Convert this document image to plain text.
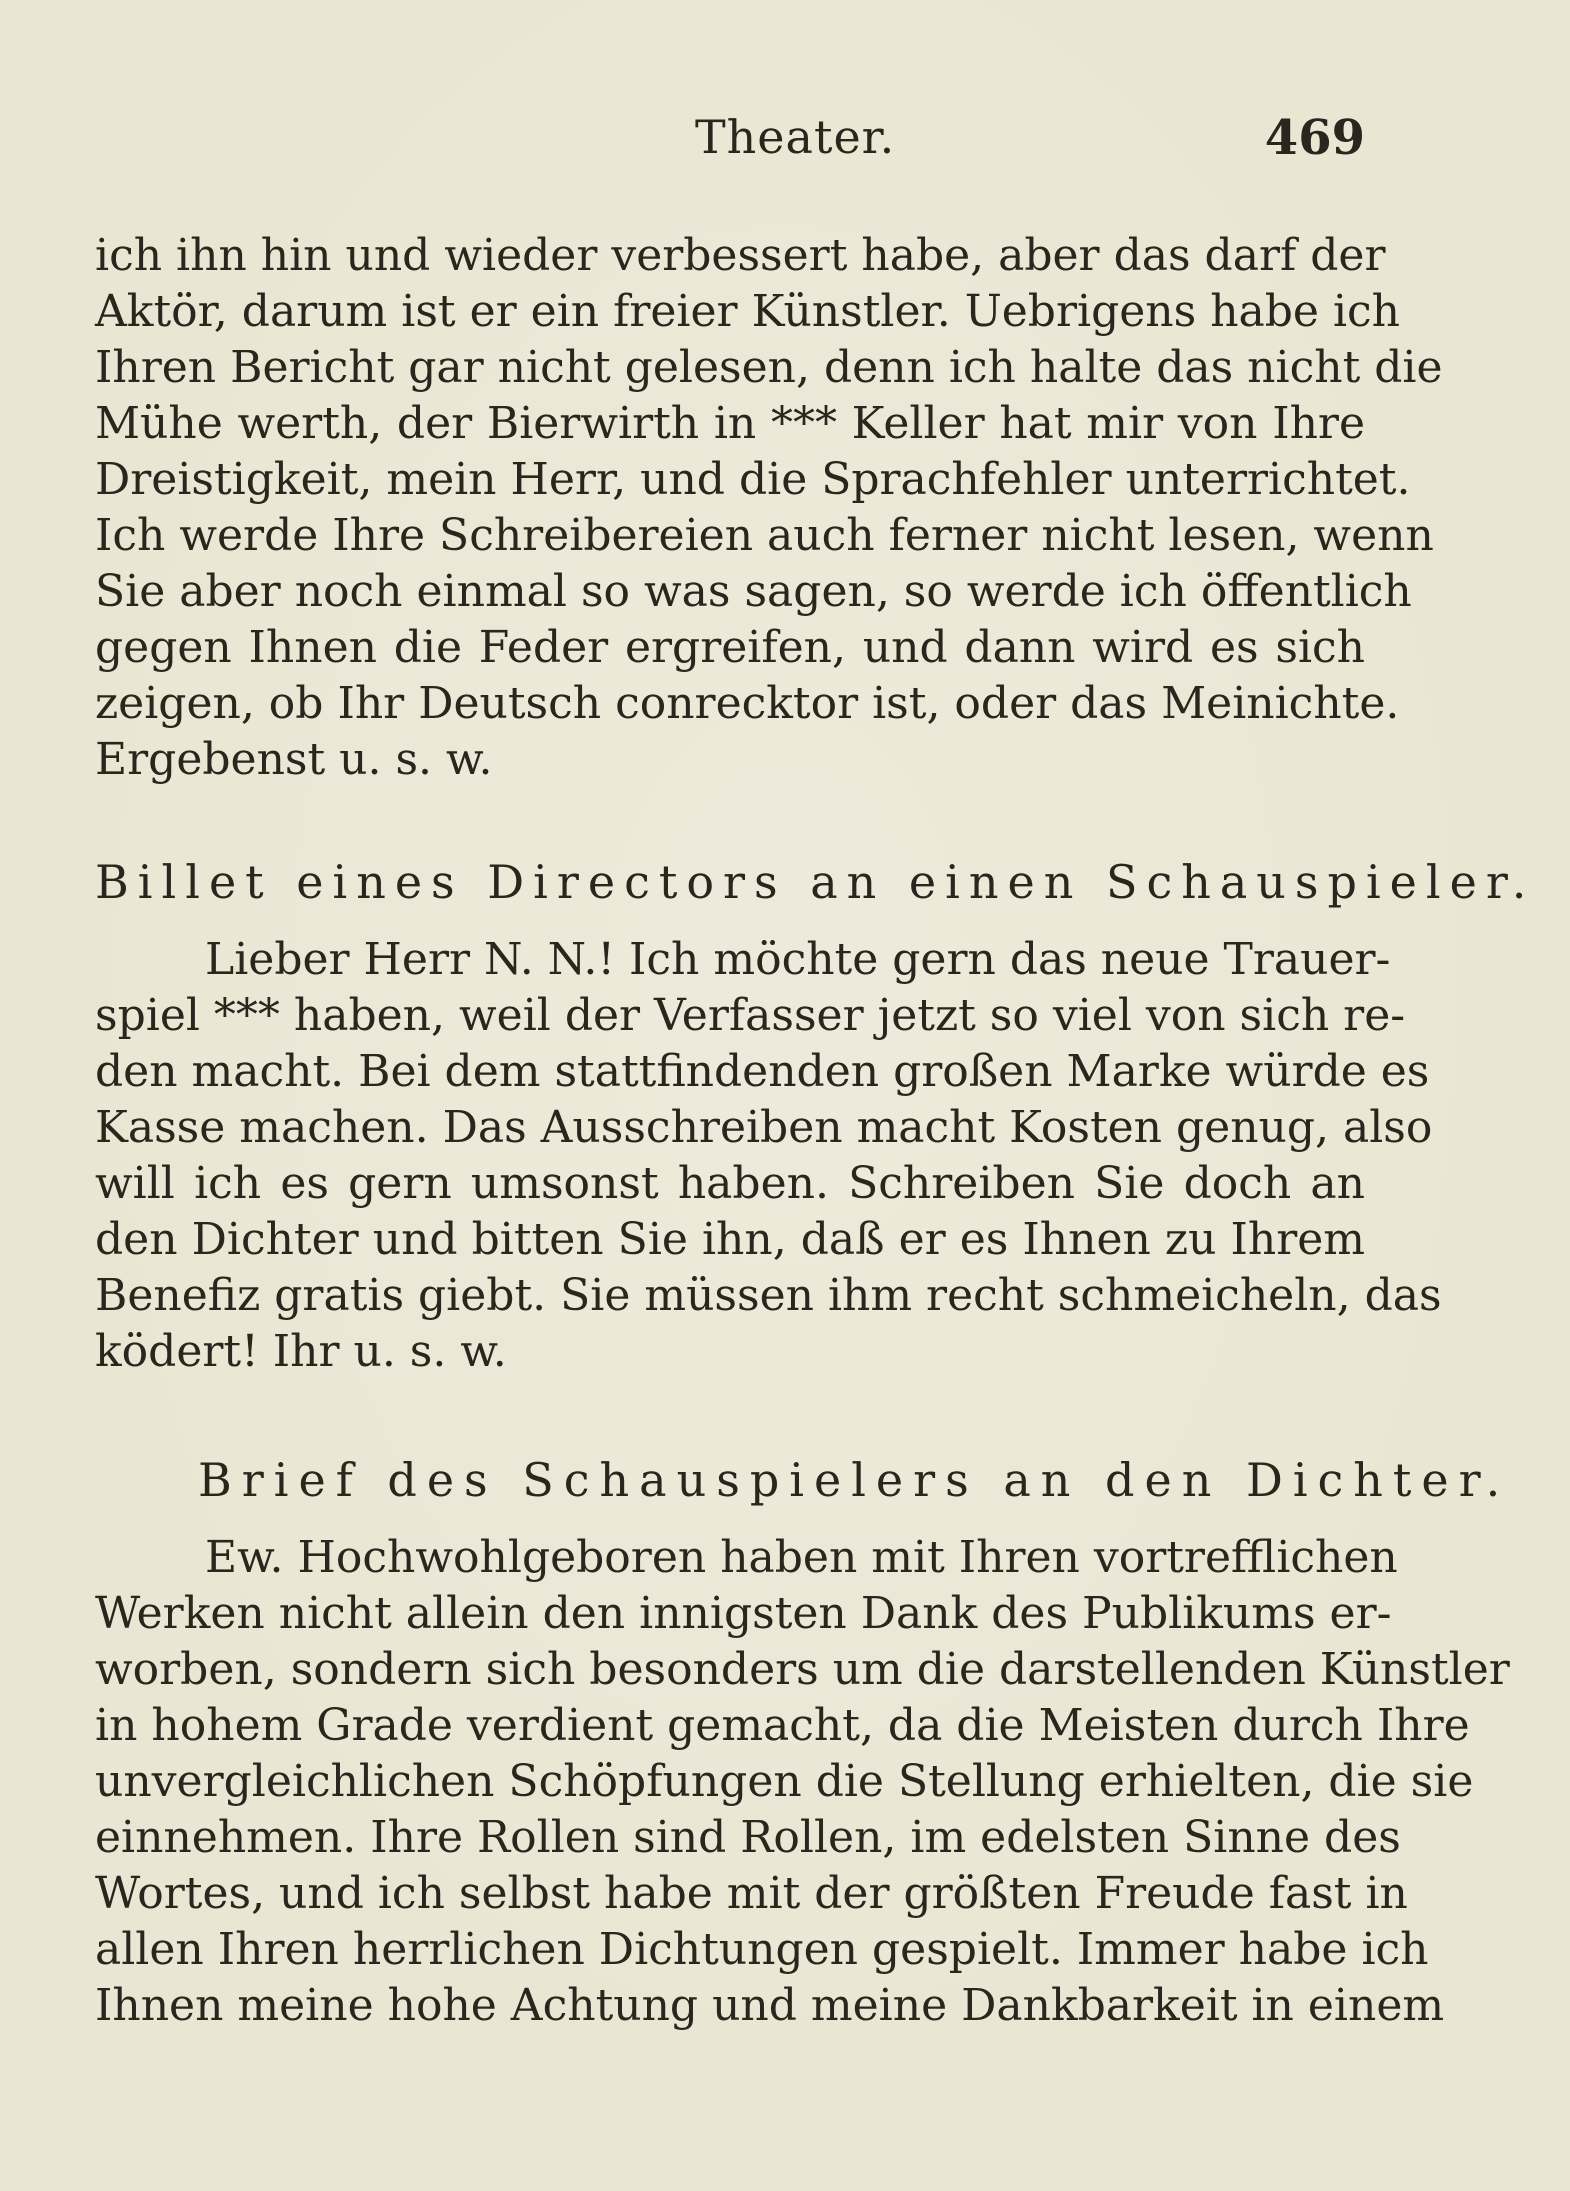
Theater.	469
ich ihn hin und wieder verbessert habe, aber das darf der
Aktör, darum ist er ein freier Künstler. Uebrigens habe ich
Ihren Bericht gar nicht gelesen, denn ich halte das nicht die
Mühe werth, der Bierwirth in *** Keller hat mir von Ihre
Dreistigkeit, mein Herr, und die Sprachfehler unterrichtet.
Ich werde Ihre Schreibereien auch ferner nicht lesen, wenn
Sie aber noch einmal so was sagen, so werde ich öffentlich
gegen Ihnen die Feder ergreifen, und dann wird es sich
zeigen, ob Ihr Deutsch conrecktor ist, oder das Meinichte.
Ergebenst u. s. w.
Billet eines Directors an einen Schauspieler.
Lieber Herr N. N.! Ich möchte gern das neue Trauer-
spiel *** haben, weil der Verfasser jetzt so viel von sich re-
den macht. Bei dem stattfindenden großen Marke würde es
Kasse machen. Das Ausschreiben macht Kosten genug, also
will ich es gern umsonst haben. Schreiben Sie doch an
den Dichter und bitten Sie ihn, daß er es Ihnen zu Ihrem
Benefiz gratis giebt. Sie müssen ihm recht schmeicheln, das
ködert! Ihr u. s. w.
Brief des Schauspielers an den Dichter.
Ew. Hochwohlgeboren haben mit Ihren vortrefflichen
Werken nicht allein den innigsten Dank des Publikums er-
worben, sondern sich besonders um die darstellenden Künstler
in hohem Grade verdient gemacht, da die Meisten durch Ihre
unvergleichlichen Schöpfungen die Stellung erhielten, die sie
einnehmen. Ihre Rollen sind Rollen, im edelsten Sinne des
Wortes, und ich selbst habe mit der größten Freude fast in
allen Ihren herrlichen Dichtungen gespielt. Immer habe ich
Ihnen meine hohe Achtung und meine Dankbarkeit in einem
